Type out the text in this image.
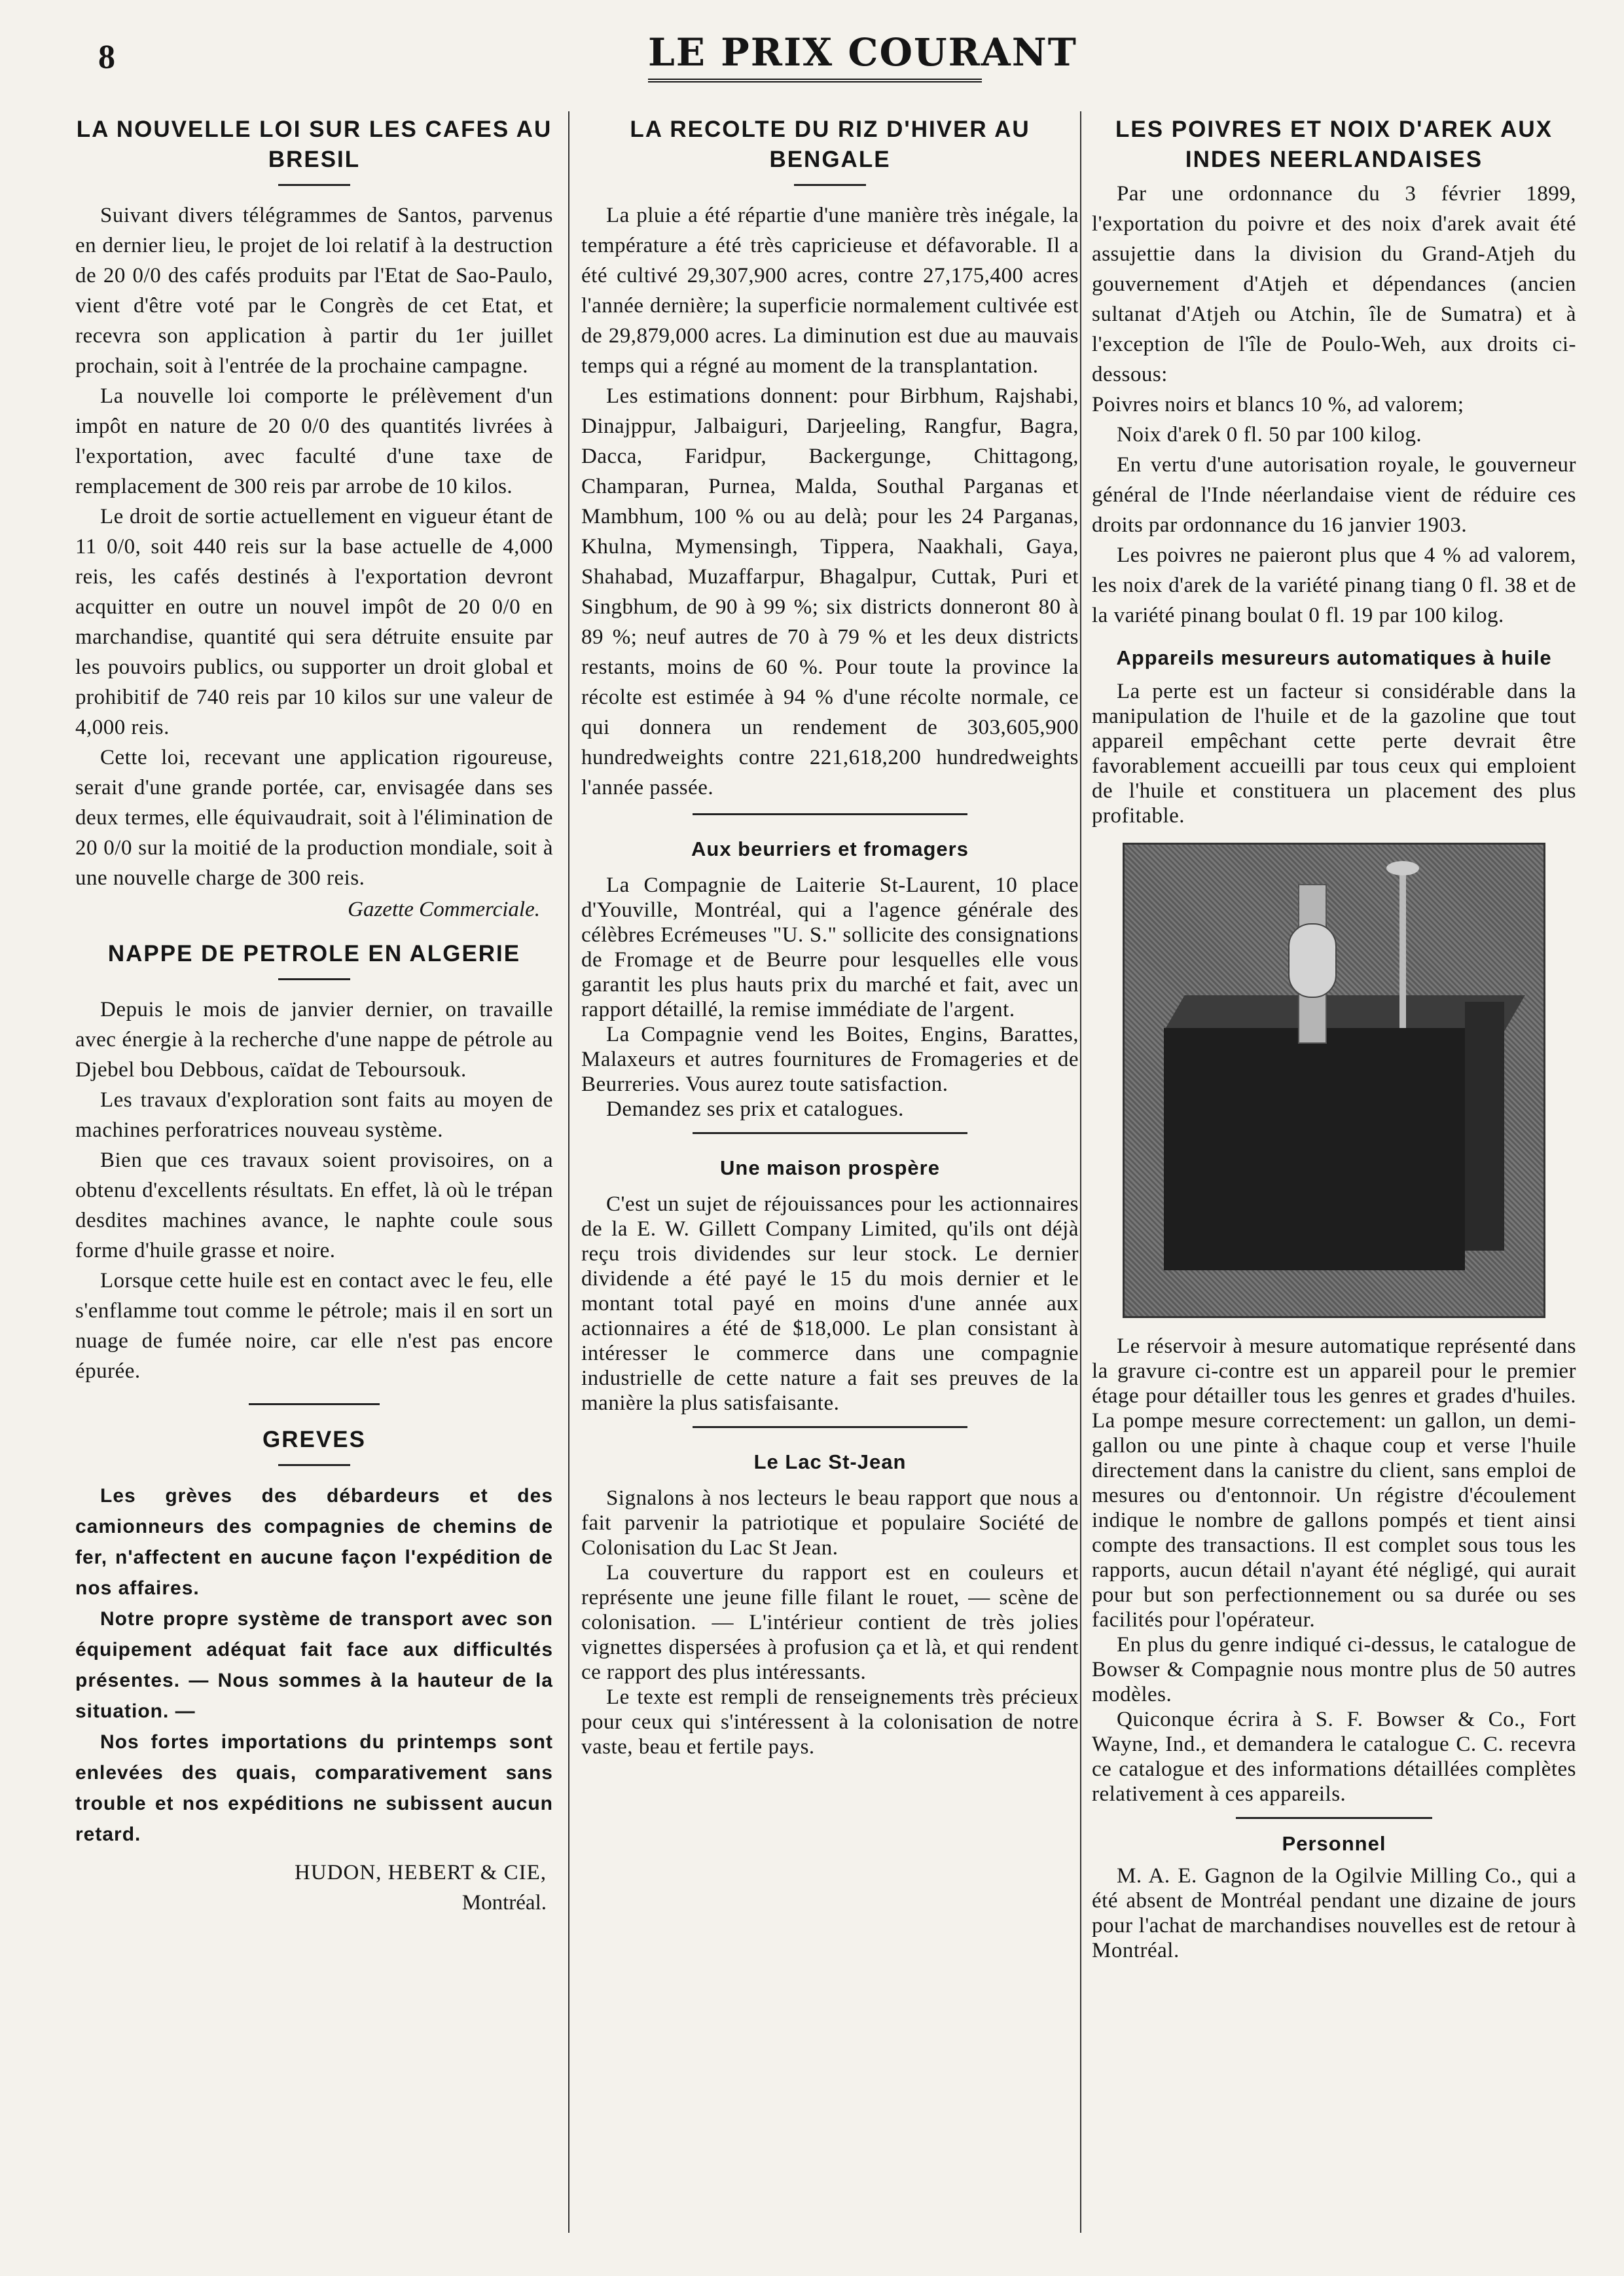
8	LE PRIX COURANT
LA NOUVELLE LOI SUR LES CAFES AU BRESIL

Suivant divers télégrammes de Santos, parvenus en dernier lieu, le projet de loi relatif à la destruction de 20 0/0 des cafés produits par l'Etat de Sao-Paulo, vient d'être voté par le Congrès de cet Etat, et recevra son application à partir du 1er juillet prochain, soit à l'entrée de la prochaine campagne.

La nouvelle loi comporte le prélèvement d'un impôt en nature de 20 0/0 des quantités livrées à l'exportation, avec faculté d'une taxe de remplacement de 300 reis par arrobe de 10 kilos.

Le droit de sortie actuellement en vigueur étant de 11 0/0, soit 440 reis sur la base actuelle de 4,000 reis, les cafés destinés à l'exportation devront acquitter en outre un nouvel impôt de 20 0/0 en marchandise, quantité qui sera détruite ensuite par les pouvoirs publics, ou supporter un droit global et prohibitif de 740 reis par 10 kilos sur une valeur de 4,000 reis.

Cette loi, recevant une application rigoureuse, serait d'une grande portée, car, envisagée dans ses deux termes, elle équivaudrait, soit à l'élimination de 20 0/0 sur la moitié de la production mondiale, soit à une nouvelle charge de 300 reis.

Gazette Commerciale.
NAPPE DE PETROLE EN ALGERIE

Depuis le mois de janvier dernier, on travaille avec énergie à la recherche d'une nappe de pétrole au Djebel bou Debbous, caïdat de Teboursouk.

Les travaux d'exploration sont faits au moyen de machines perforatrices nouveau système.

Bien que ces travaux soient provisoires, on a obtenu d'excellents résultats. En effet, là où le trépan desdites machines avance, le naphte coule sous forme d'huile grasse et noire.

Lorsque cette huile est en contact avec le feu, elle s'enflamme tout comme le pétrole; mais il en sort un nuage de fumée noire, car elle n'est pas encore épurée.

GREVES

Les grèves des débardeurs et des camionneurs des compagnies de chemins de fer, n'affectent en aucune façon l'expédition de nos affaires.

Notre propre système de transport avec son équipement adéquat fait face aux difficultés présentes. — Nous sommes à la hauteur de la situation. —

Nos fortes importations du printemps sont enlevées des quais, comparativement sans trouble et nos expéditions ne subissent aucun retard.

HUDON, HEBERT & CIE,
Montréal.
LA RECOLTE DU RIZ D'HIVER AU BENGALE

La pluie a été répartie d'une manière très inégale, la température a été très capricieuse et défavorable. Il a été cultivé 29,307,900 acres, contre 27,175,400 acres l'année dernière; la superficie normalement cultivée est de 29,879,000 acres. La diminution est due au mauvais temps qui a régné au moment de la transplantation.

Les estimations donnent: pour Birbhum, Rajshabi, Dinajppur, Jalbaiguri, Darjeeling, Rangfur, Bagra, Dacca, Faridpur, Backergunge, Chittagong, Champaran, Purnea, Malda, Southal Parganas et Mambhum, 100 % ou au delà; pour les 24 Parganas, Khulna, Mymensingh, Tippera, Naakhali, Gaya, Shahabad, Muzaffarpur, Bhagalpur, Cuttak, Puri et Singbhum, de 90 à 99 %; six districts donneront 80 à 89 %; neuf autres de 70 à 79 % et les deux districts restants, moins de 60 %. Pour toute la province la récolte est estimée à 94 % d'une récolte normale, ce qui donnera un rendement de 303,605,900 hundredweights contre 221,618,200 hundredweights l'année passée.

Aux beurriers et fromagers

La Compagnie de Laiterie St-Laurent, 10 place d'Youville, Montréal, qui a l'agence générale des célèbres Ecrémeuses "U. S." sollicite des consignations de Fromage et de Beurre pour lesquelles elle vous garantit les plus hauts prix du marché et fait, avec un rapport détaillé, la remise immédiate de l'argent.

La Compagnie vend les Boites, Engins, Barattes, Malaxeurs et autres fournitures de Fromageries et de Beurreries. Vous aurez toute satisfaction.

Demandez ses prix et catalogues.

Une maison prospère

C'est un sujet de réjouissances pour les actionnaires de la E. W. Gillett Company Limited, qu'ils ont déjà reçu trois dividendes sur leur stock. Le dernier dividende a été payé le 15 du mois dernier et le montant total payé en moins d'une année aux actionnaires a été de $18,000. Le plan consistant à intéresser le commerce dans une compagnie industrielle de cette nature a fait ses preuves de la manière la plus satisfaisante.

Le Lac St-Jean

Signalons à nos lecteurs le beau rapport que nous a fait parvenir la patriotique et populaire Société de Colonisation du Lac St Jean.

La couverture du rapport est en couleurs et représente une jeune fille filant le rouet, — scène de colonisation. — L'intérieur contient de très jolies vignettes dispersées à profusion ça et là, et qui rendent ce rapport des plus intéressants.

Le texte est rempli de renseignements très précieux pour ceux qui s'intéressent à la colonisation de notre vaste, beau et fertile pays.

LES POIVRES ET NOIX D'AREK AUX INDES NEERLANDAISES

Par une ordonnance du 3 février 1899, l'exportation du poivre et des noix d'arek avait été assujettie dans la division du Grand-Atjeh du gouvernement d'Atjeh et dépendances (ancien sultanat d'Atjeh ou Atchin, île de Sumatra) et à l'exception de l'île de Poulo-Weh, aux droits ci-dessous:

Poivres noirs et blancs 10 %, ad valorem;

Noix d'arek 0 fl. 50 par 100 kilog.

En vertu d'une autorisation royale, le gouverneur général de l'Inde néerlandaise vient de réduire ces droits par ordonnance du 16 janvier 1903.

Les poivres ne paieront plus que 4 % ad valorem, les noix d'arek de la variété pinang tiang 0 fl. 38 et de la variété pinang boulat 0 fl. 19 par 100 kilog.

Appareils mesureurs automatiques à huile

La perte est un facteur si considérable dans la manipulation de l'huile et de la gazoline que tout appareil empêchant cette perte devrait être favorablement accueilli par tous ceux qui emploient de l'huile et constituera un placement des plus profitable.

Le réservoir à mesure automatique représenté dans la gravure ci-contre est un appareil pour le premier étage pour détailler tous les genres et grades d'huiles. La pompe mesure correctement: un gallon, un demi-gallon ou une pinte à chaque coup et verse l'huile directement dans la canistre du client, sans emploi de mesures ou d'entonnoir. Un régistre d'écoulement indique le nombre de gallons pompés et tient ainsi compte des transactions. Il est complet sous tous les rapports, aucun détail n'ayant été négligé, qui aurait pour but son perfectionnement ou sa durée ou ses facilités pour l'opérateur.

En plus du genre indiqué ci-dessus, le catalogue de Bowser & Compagnie nous montre plus de 50 autres modèles.

Quiconque écrira à S. F. Bowser & Co., Fort Wayne, Ind., et demandera le catalogue C. C. recevra ce catalogue et des informations détaillées complètes relativement à ces appareils.

Personnel

M. A. E. Gagnon de la Ogilvie Milling Co., qui a été absent de Montréal pendant une dizaine de jours pour l'achat de marchandises nouvelles est de retour à Montréal.
